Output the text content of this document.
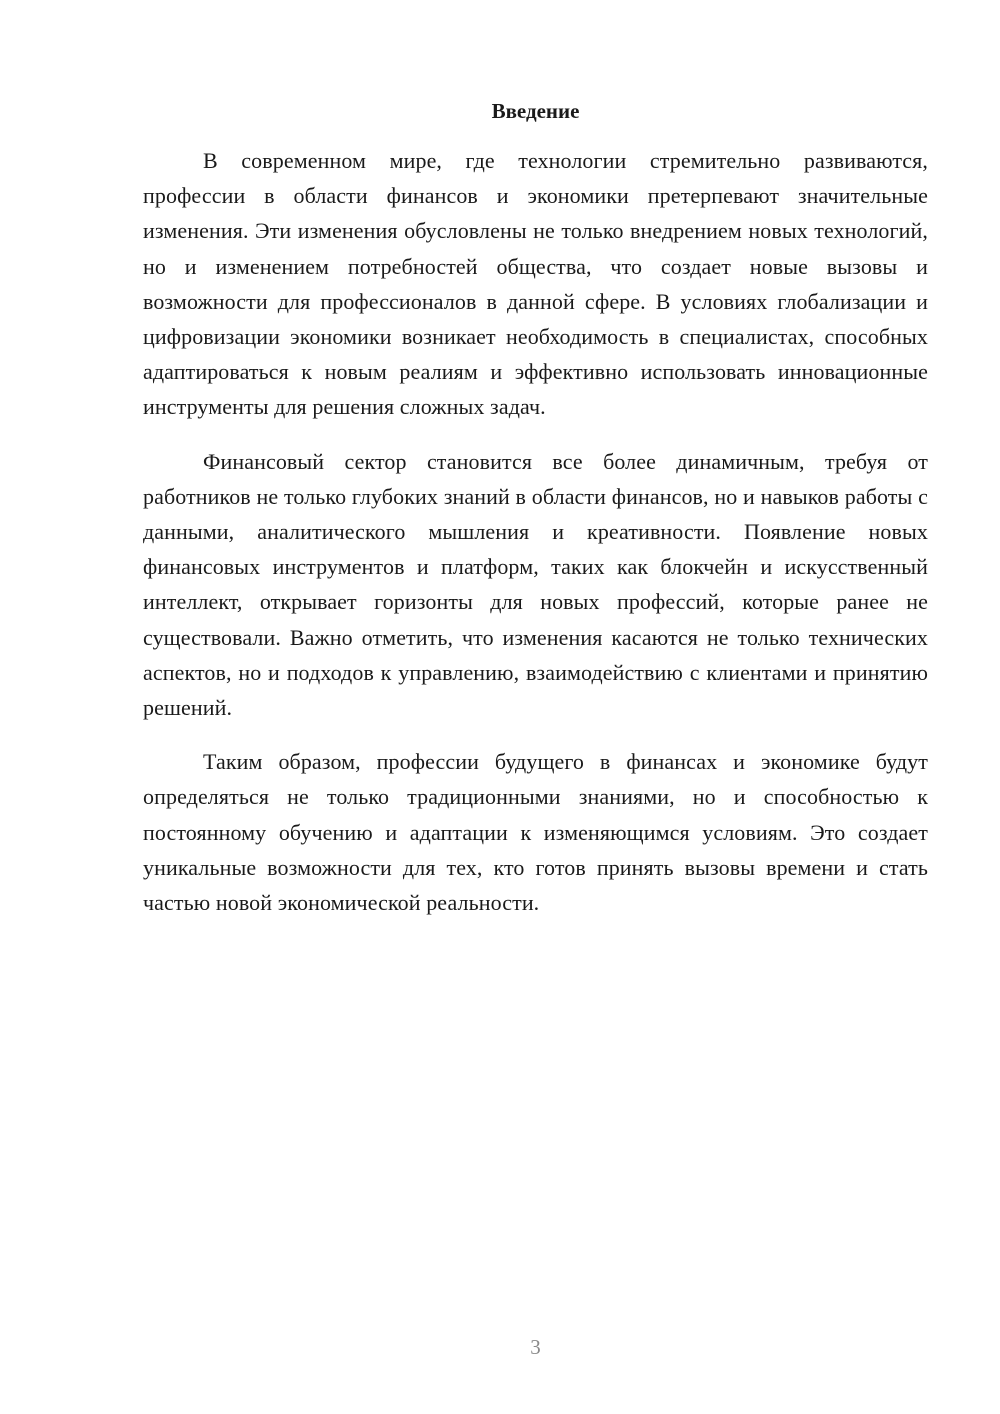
Введение

В современном мире, где технологии стремительно развиваются, профессии в области финансов и экономики претерпевают значительные изменения. Эти изменения обусловлены не только внедрением новых технологий, но и изменением потребностей общества, что создает новые вызовы и возможности для профессионалов в данной сфере. В условиях глобализации и цифровизации экономики возникает необходимость в специалистах, способных адаптироваться к новым реалиям и эффективно использовать инновационные инструменты для решения сложных задач.

Финансовый сектор становится все более динамичным, требуя от работников не только глубоких знаний в области финансов, но и навыков работы с данными, аналитического мышления и креативности. Появление новых финансовых инструментов и платформ, таких как блокчейн и искусственный интеллект, открывает горизонты для новых профессий, которые ранее не существовали. Важно отметить, что изменения касаются не только технических аспектов, но и подходов к управлению, взаимодействию с клиентами и принятию решений.

Таким образом, профессии будущего в финансах и экономике будут определяться не только традиционными знаниями, но и способностью к постоянному обучению и адаптации к изменяющимся условиям. Это создает уникальные возможности для тех, кто готов принять вызовы времени и стать частью новой экономической реальности.

3
